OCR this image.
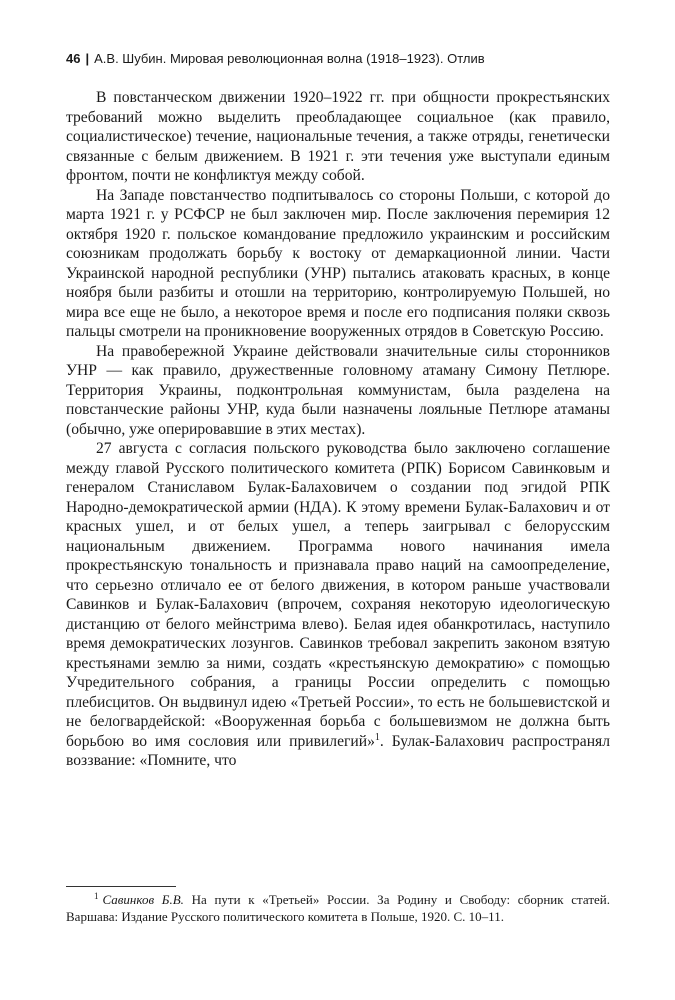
46 | А.В. Шубин. Мировая революционная волна (1918–1923). Отлив

В повстанческом движении 1920–1922 гг. при общности прокрестьянских требований можно выделить преобладающее социальное (как правило, социалистическое) течение, национальные течения, а также отряды, генетически связанные с белым движением. В 1921 г. эти течения уже выступали единым фронтом, почти не конфликтуя между собой.

На Западе повстанчество подпитывалось со стороны Польши, с которой до марта 1921 г. у РСФСР не был заключен мир. После заключения перемирия 12 октября 1920 г. польское командование предложило украинским и российским союзникам продолжать борьбу к востоку от демаркационной линии. Части Украинской народной республики (УНР) пытались атаковать красных, в конце ноября были разбиты и отошли на территорию, контролируемую Польшей, но мира все еще не было, а некоторое время и после его подписания поляки сквозь пальцы смотрели на проникновение вооруженных отрядов в Советскую Россию.

На правобережной Украине действовали значительные силы сторонников УНР — как правило, дружественные головному атаману Симону Петлюре. Территория Украины, подконтрольная коммунистам, была разделена на повстанческие районы УНР, куда были назначены лояльные Петлюре атаманы (обычно, уже оперировавшие в этих местах).

27 августа с согласия польского руководства было заключено соглашение между главой Русского политического комитета (РПК) Борисом Савинковым и генералом Станиславом Булак-Балаховичем о создании под эгидой РПК Народно-демократической армии (НДА). К этому времени Булак-Балахович и от красных ушел, и от белых ушел, а теперь заигрывал с белорусским национальным движением. Программа нового начинания имела прокрестьянскую тональность и признавала право наций на самоопределение, что серьезно отличало ее от белого движения, в котором раньше участвовали Савинков и Булак-Балахович (впрочем, сохраняя некоторую идеологическую дистанцию от белого мейнстрима влево). Белая идея обанкротилась, наступило время демократических лозунгов. Савинков требовал закрепить законом взятую крестьянами землю за ними, создать «крестьянскую демократию» с помощью Учредительного собрания, а границы России определить с помощью плебисцитов. Он выдвинул идею «Третьей России», то есть не большевистской и не белогвардейской: «Вооруженная борьба с большевизмом не должна быть борьбою во имя сословия или привилегий»$^1$. Булак-Балахович распространял воззвание: «Помните, что

$^1$ Савинков Б.В. На пути к «Третьей» России. За Родину и Свободу: сборник статей. Варшава: Издание Русского политического комитета в Польше, 1920. С. 10–11.
